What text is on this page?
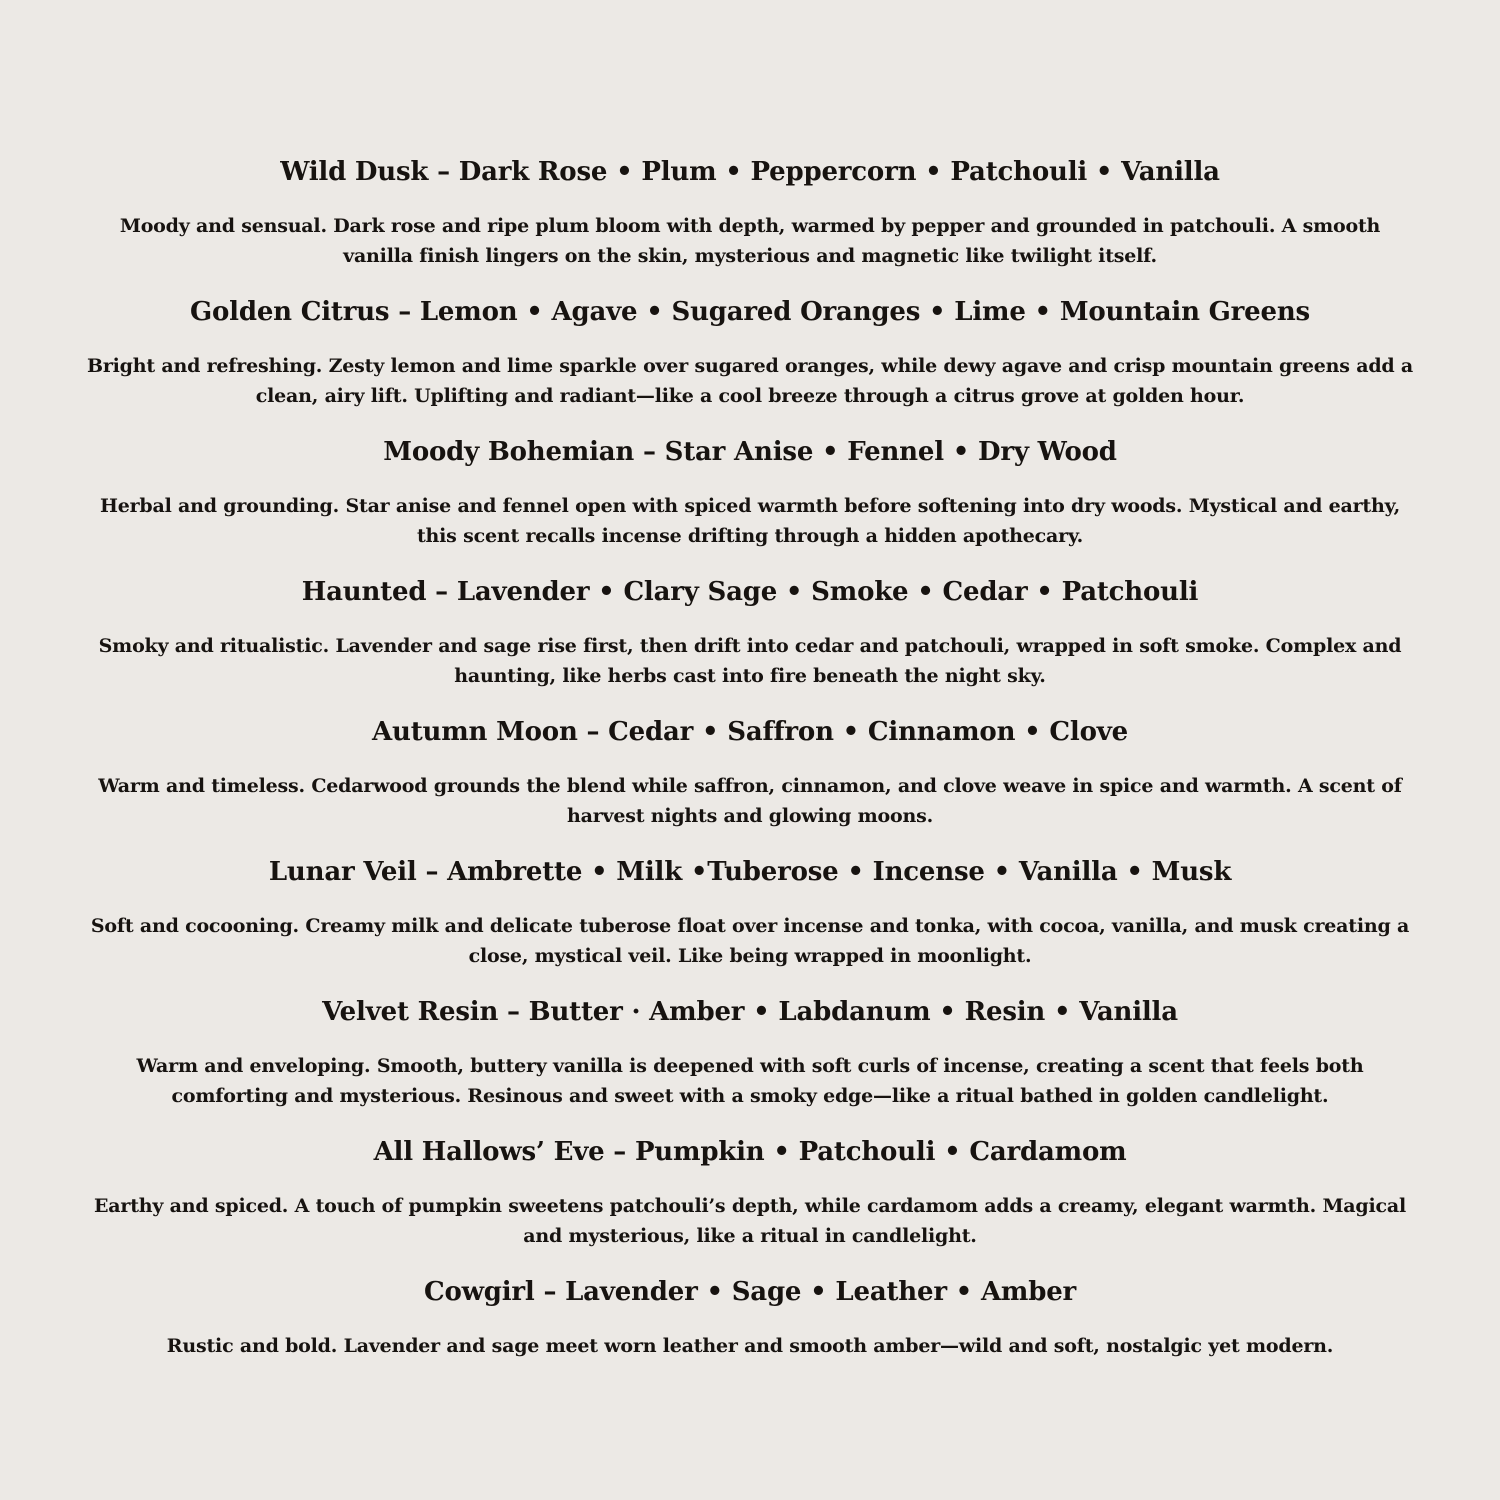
Wild Dusk – Dark Rose • Plum • Peppercorn • Patchouli • Vanilla

Moody and sensual. Dark rose and ripe plum bloom with depth, warmed by pepper and grounded in patchouli. A smooth vanilla finish lingers on the skin, mysterious and magnetic like twilight itself.

Golden Citrus – Lemon • Agave • Sugared Oranges • Lime • Mountain Greens

Bright and refreshing. Zesty lemon and lime sparkle over sugared oranges, while dewy agave and crisp mountain greens add a clean, airy lift. Uplifting and radiant—like a cool breeze through a citrus grove at golden hour.

Moody Bohemian – Star Anise • Fennel • Dry Wood

Herbal and grounding. Star anise and fennel open with spiced warmth before softening into dry woods. Mystical and earthy, this scent recalls incense drifting through a hidden apothecary.

Haunted – Lavender • Clary Sage • Smoke • Cedar • Patchouli

Smoky and ritualistic. Lavender and sage rise first, then drift into cedar and patchouli, wrapped in soft smoke. Complex and haunting, like herbs cast into fire beneath the night sky.

Autumn Moon – Cedar • Saffron • Cinnamon • Clove

Warm and timeless. Cedarwood grounds the blend while saffron, cinnamon, and clove weave in spice and warmth. A scent of harvest nights and glowing moons.

Lunar Veil – Ambrette • Milk •Tuberose • Incense • Vanilla • Musk

Soft and cocooning. Creamy milk and delicate tuberose float over incense and tonka, with cocoa, vanilla, and musk creating a close, mystical veil. Like being wrapped in moonlight.

Velvet Resin – Butter · Amber • Labdanum • Resin • Vanilla

Warm and enveloping. Smooth, buttery vanilla is deepened with soft curls of incense, creating a scent that feels both comforting and mysterious. Resinous and sweet with a smoky edge—like a ritual bathed in golden candlelight.

All Hallows’ Eve – Pumpkin • Patchouli • Cardamom

Earthy and spiced. A touch of pumpkin sweetens patchouli’s depth, while cardamom adds a creamy, elegant warmth. Magical and mysterious, like a ritual in candlelight.

Cowgirl – Lavender • Sage • Leather • Amber

Rustic and bold. Lavender and sage meet worn leather and smooth amber—wild and soft, nostalgic yet modern.
